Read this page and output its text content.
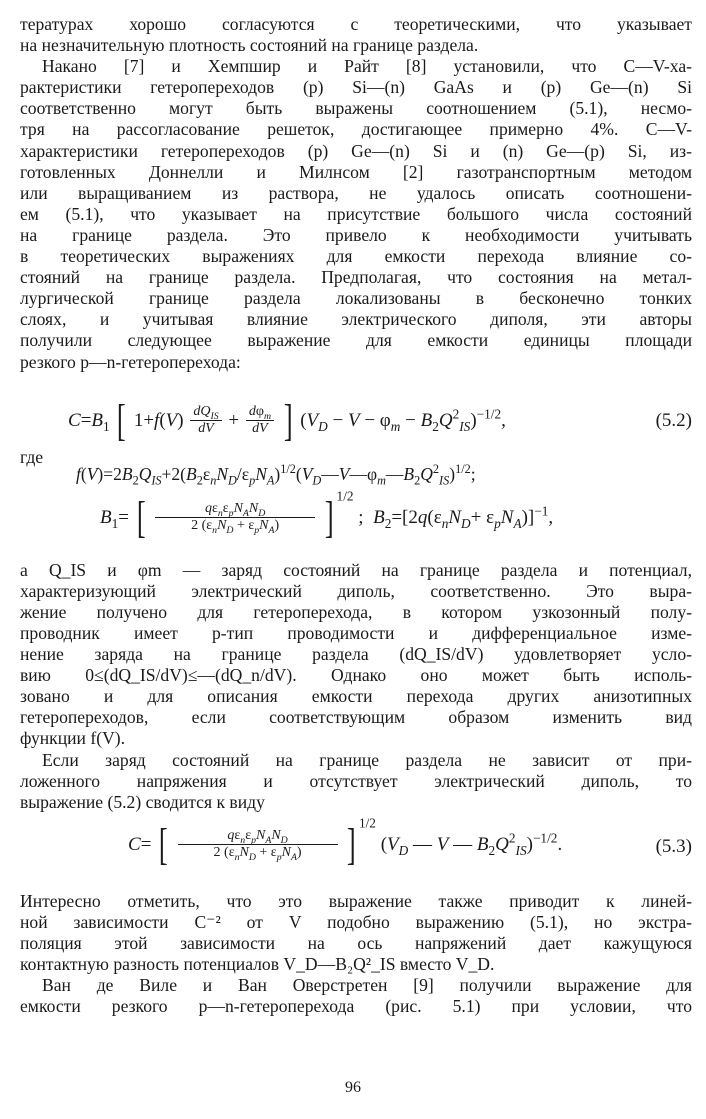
тературах хорошо согласуются с теоретическими, что указывает
на незначительную плотность состояний на границе раздела.
Накано [7] и Хемпшир и Райт [8] установили, что C—V-ха-
рактеристики гетеропереходов (p) Si—(n) GaAs и (p) Ge—(n) Si
соответственно могут быть выражены соотношением (5.1), несмо-
тря на рассогласование решеток, достигающее примерно 4%. C—V-
характеристики гетеропереходов (p) Ge—(n) Si и (n) Ge—(p) Si, из-
готовленных Доннелли и Милнсом [2] газотранспортным методом
или выращиванием из раствора, не удалось описать соотношени-
ем (5.1), что указывает на присутствие большого числа состояний
на границе раздела. Это привело к необходимости учитывать
в теоретических выражениях для емкости перехода влияние со-
стояний на границе раздела. Предполагая, что состояния на метал-
лургической границе раздела локализованы в бесконечно тонких
слоях, и учитывая влияние электрического диполя, эти авторы
получили следующее выражение для емкости единицы площади
резкого p—n-гетероперехода:

$C=B_1$ [ $1+f(V) \frac{dQ_{IS}}{dV} + \frac{d\varphi_m}{dV}$ ] $(V_D - V - \varphi_m - B_2Q^2_{IS})^{-1/2}$,	(5.2)

где

$f(V)=2B_2Q_{IS}+2(B_2\varepsilon_nN_D/\varepsilon_pN_A)^{1/2}(V_D—V—\varphi_m—B_2Q^2_{IS})^{1/2}$;
$B_1=$ [ $\frac{q\varepsilon_n\varepsilon_pN_AN_D}{2 (\varepsilon_nN_D + \varepsilon_pN_A)}$ ] $^{1/2}$ ;  $B_2=[2q(\varepsilon_nN_D+ \varepsilon_pN_A)]^{-1}$,

а Q_IS и φm — заряд состояний на границе раздела и потенциал,
характеризующий электрический диполь, соответственно. Это выра-
жение получено для гетероперехода, в котором узкозонный полу-
проводник имеет p-тип проводимости и дифференциальное изме-
нение заряда на границе раздела (dQ_IS/dV) удовлетворяет усло-
вию 0≤(dQ_IS/dV)≤—(dQ_n/dV). Однако оно может быть исполь-
зовано и для описания емкости перехода других анизотипных
гетеропереходов, если соответствующим образом изменить вид
функции f(V).
Если заряд состояний на границе раздела не зависит от при-
ложенного напряжения и отсутствует электрический диполь, то
выражение (5.2) сводится к виду

C= [ $\frac{q\varepsilon_n\varepsilon_pN_AN_D}{2 (\varepsilon_nN_D + \varepsilon_pN_A)}$ ] $^{1/2}$ ($V_D$ — V — $B_2Q^2_{IS})^{-1/2}$.	(5.3)

Интересно отметить, что это выражение также приводит к линей-
ной зависимости C⁻² от V подобно выражению (5.1), но экстра-
поляция этой зависимости на ось напряжений дает кажущуюся
контактную разность потенциалов V_D—B₂Q²_IS вместо V_D.
Ван де Виле и Ван Оверстретен [9] получили выражение для
емкости резкого p—n-гетероперехода (рис. 5.1) при условии, что

96
